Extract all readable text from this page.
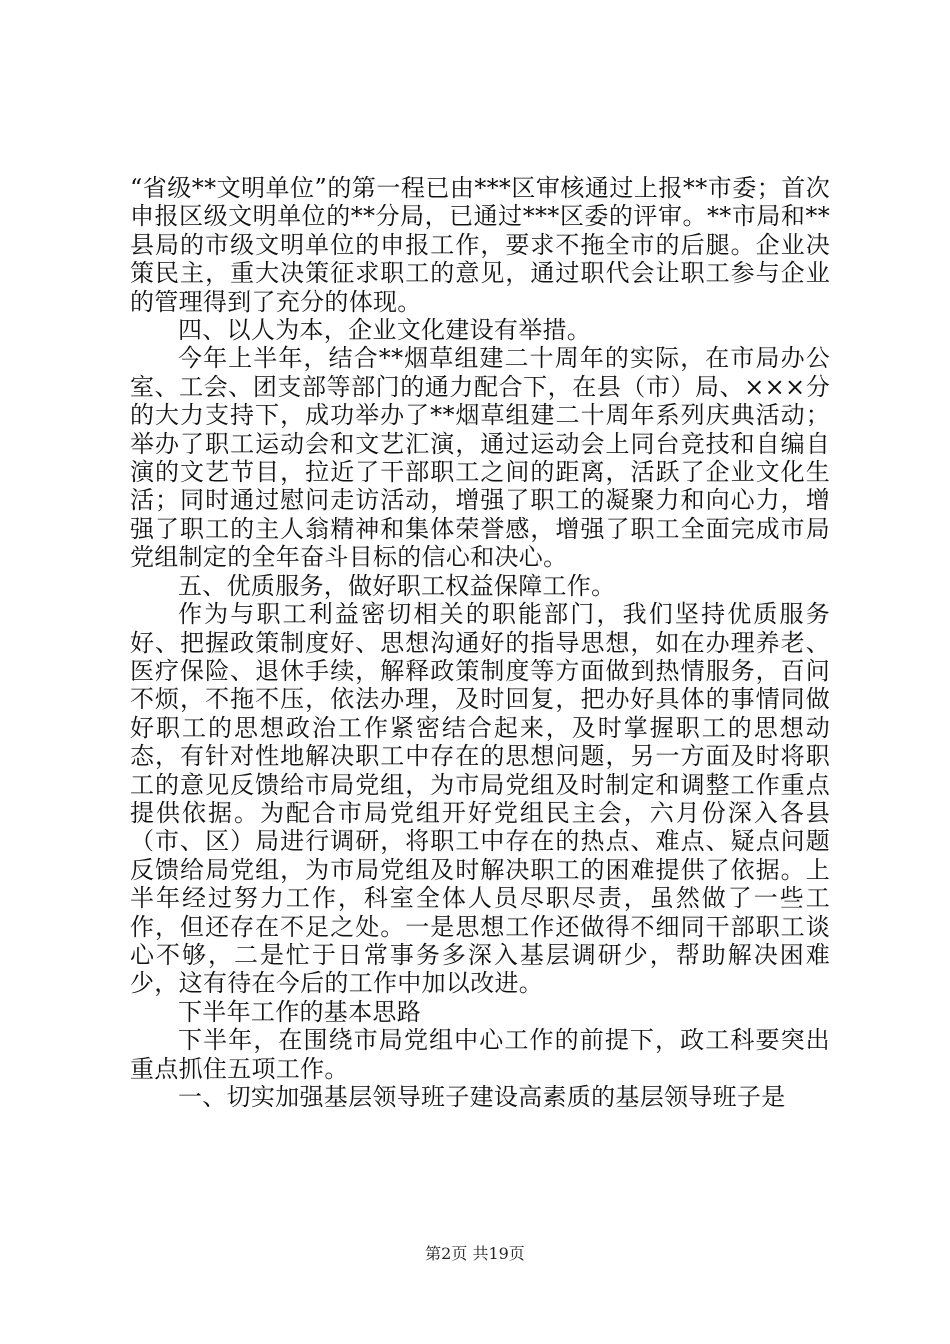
“省级**文明单位”的第一程已由***区审核通过上报**市委；首次申报区级文明单位的**分局，已通过***区委的评审。**市局和**县局的市级文明单位的申报工作，要求不拖全市的后腿。企业决策民主，重大决策征求职工的意见，通过职代会让职工参与企业的管理得到了充分的体现。

四、以人为本，企业文化建设有举措。

今年上半年，结合**烟草组建二十周年的实际，在市局办公室、工会、团支部等部门的通力配合下，在县（市）局、×××分的大力支持下，成功举办了**烟草组建二十周年系列庆典活动；举办了职工运动会和文艺汇演，通过运动会上同台竞技和自编自演的文艺节目，拉近了干部职工之间的距离，活跃了企业文化生活；同时通过慰问走访活动，增强了职工的凝聚力和向心力，增强了职工的主人翁精神和集体荣誉感，增强了职工全面完成市局党组制定的全年奋斗目标的信心和决心。

五、优质服务，做好职工权益保障工作。

作为与职工利益密切相关的职能部门，我们坚持优质服务好、把握政策制度好、思想沟通好的指导思想，如在办理养老、医疗保险、退休手续，解释政策制度等方面做到热情服务，百问不烦，不拖不压，依法办理，及时回复，把办好具体的事情同做好职工的思想政治工作紧密结合起来，及时掌握职工的思想动态，有针对性地解决职工中存在的思想问题，另一方面及时将职工的意见反馈给市局党组，为市局党组及时制定和调整工作重点提供依据。为配合市局党组开好党组民主会，六月份深入各县（市、区）局进行调研，将职工中存在的热点、难点、疑点问题反馈给局党组，为市局党组及时解决职工的困难提供了依据。上半年经过努力工作，科室全体人员尽职尽责，虽然做了一些工作，但还存在不足之处。一是思想工作还做得不细同干部职工谈心不够，二是忙于日常事务多深入基层调研少，帮助解决困难少，这有待在今后的工作中加以改进。

下半年工作的基本思路

下半年，在围绕市局党组中心工作的前提下，政工科要突出重点抓住五项工作。

一、切实加强基层领导班子建设高素质的基层领导班子是

第2页 共19页
